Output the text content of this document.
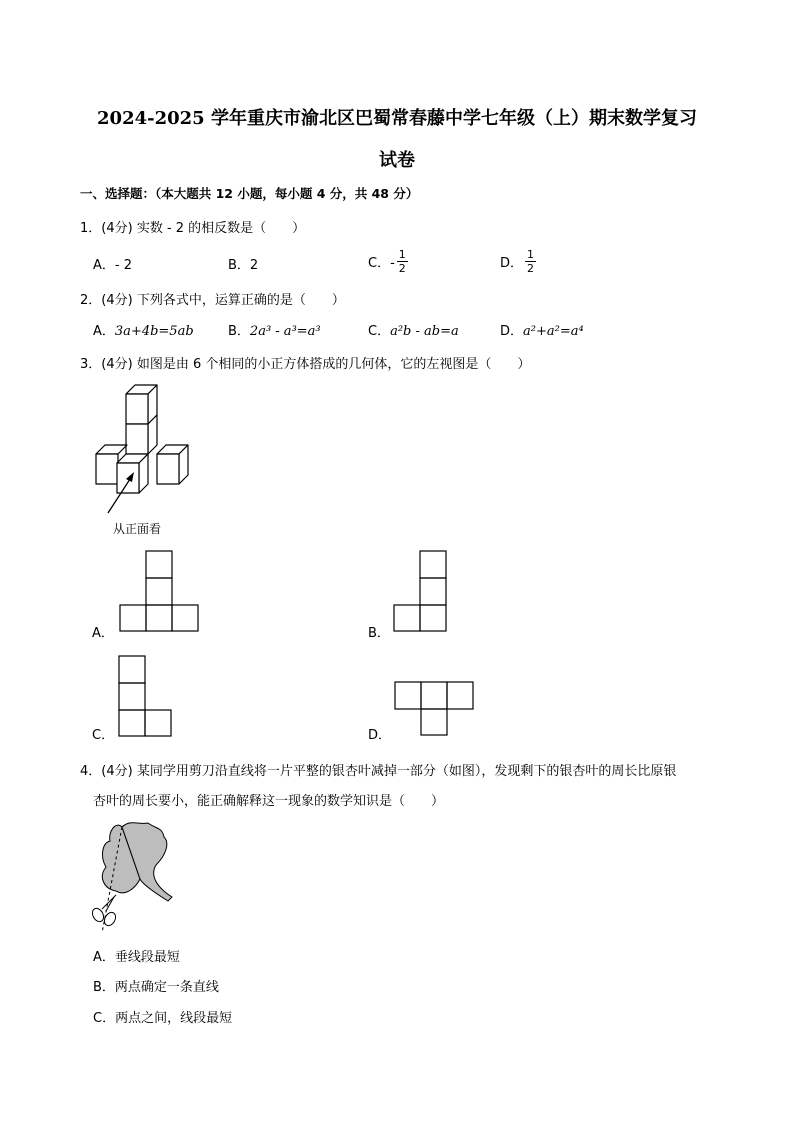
2024-2025 学年重庆市渝北区巴蜀常春藤中学七年级（上）期末数学复习
试卷
一、选择题：（本大题共 12 小题，每小题 4 分，共 48 分）
1．(4分) 实数 - 2 的相反数是（　　）
A．- 2	B．2	C．- $\frac{1}{2}$	D． $\frac{1}{2}$
2．(4分) 下列各式中，运算正确的是（　　）
A．3a+4b=5ab	B．2a³ - a³=a³	C．a²b - ab=a	D．a²+a²=a⁴
3．(4分) 如图是由 6 个相同的小正方体搭成的几何体，它的左视图是（　　）
从正面看
A．	B．
C．	D．
4．(4分) 某同学用剪刀沿直线将一片平整的银杏叶减掉一部分（如图），发现剩下的银杏叶的周长比原银
杏叶的周长要小，能正确解释这一现象的数学知识是（　　）
A．垂线段最短
B．两点确定一条直线
C．两点之间，线段最短
